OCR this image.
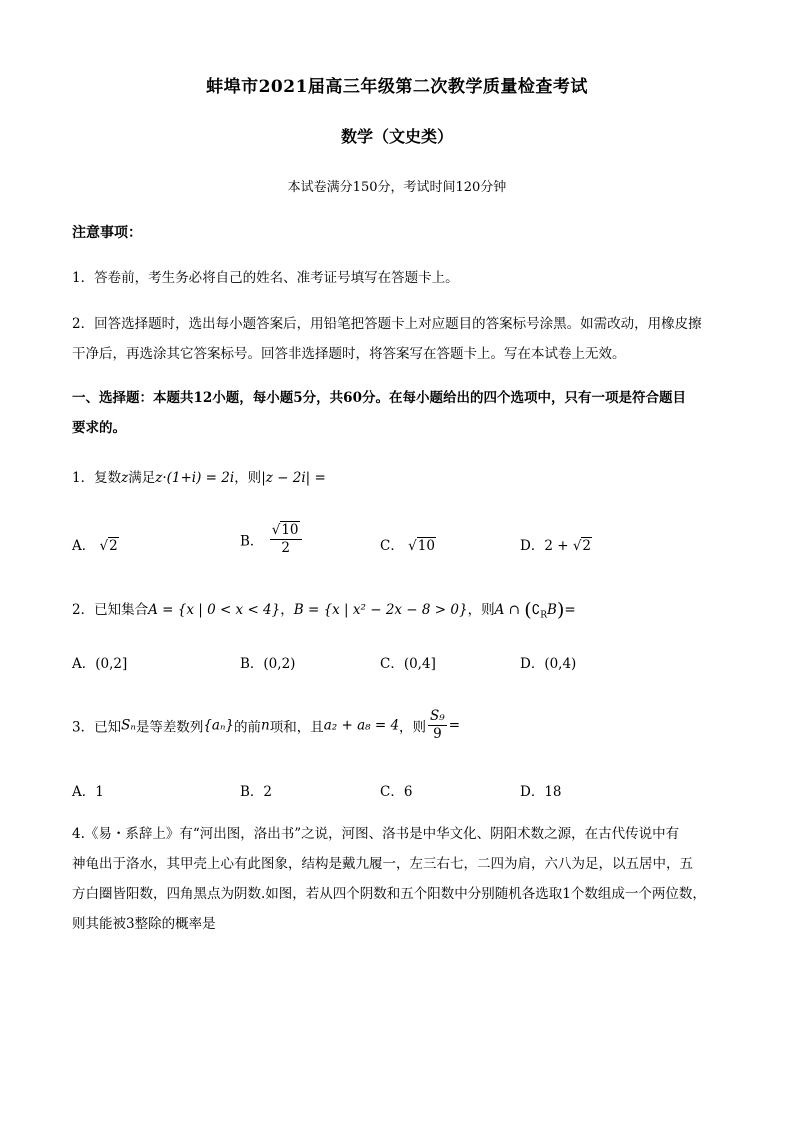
蚌埠市2021届高三年级第二次教学质量检查考试
数学（文史类）
本试卷满分150分，考试时间120分钟
注意事项：
1．答卷前，考生务必将自己的姓名、准考证号填写在答题卡上。
2．回答选择题时，选出每小题答案后，用铅笔把答题卡上对应题目的答案标号涂黑。如需改动，用橡皮擦
干净后，再选涂其它答案标号。回答非选择题时，将答案写在答题卡上。写在本试卷上无效。
一、选择题：本题共12小题，每小题5分，共60分。在每小题给出的四个选项中，只有一项是符合题目
要求的。
1．复数z满足z·(1+i) = 2i，则|z − 2i| =
A． √2	B． $\frac{√10}{2}$	C． √10	D．2 + √2
2．已知集合A = {x | 0 < x < 4}，B = {x | x² − 2x − 8 > 0}，则A ∩ $(∁_RB)=$
A．(0,2]	B．(0,2)	C．(0,4]	D．(0,4)
3．已知Sₙ是等差数列{aₙ}的前n项和，且a₂ + a₈ = 4，则 $\frac{\text{S₉}}{9}$ =
A．1	B．2	C．6	D．18
4.《易・系辞上》有“河出图，洛出书”之说，河图、洛书是中华文化、阴阳术数之源，在古代传说中有
神龟出于洛水，其甲壳上心有此图象，结构是戴九履一，左三右七，二四为肩，六八为足，以五居中，五
方白圈皆阳数，四角黑点为阴数.如图，若从四个阴数和五个阳数中分别随机各选取1个数组成一个两位数，
则其能被3整除的概率是
